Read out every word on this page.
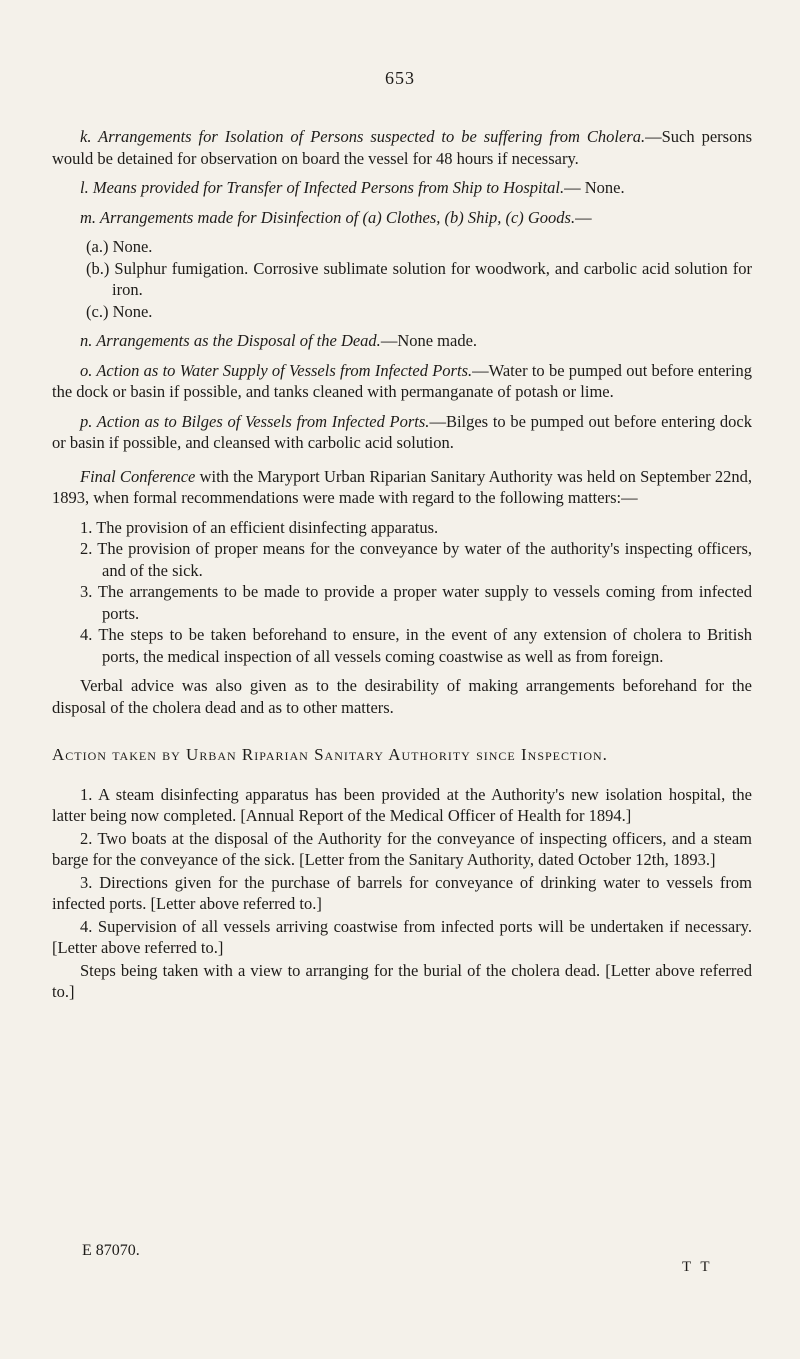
653

k. Arrangements for Isolation of Persons suspected to be suffering from Cholera.—Such persons would be detained for observation on board the vessel for 48 hours if necessary.

l. Means provided for Transfer of Infected Persons from Ship to Hospital.— None.

m. Arrangements made for Disinfection of (a) Clothes, (b) Ship, (c) Goods.—

(a.) None.

(b.) Sulphur fumigation. Corrosive sublimate solution for woodwork, and carbolic acid solution for iron.

(c.) None.

n. Arrangements as the Disposal of the Dead.—None made.

o. Action as to Water Supply of Vessels from Infected Ports.—Water to be pumped out before entering the dock or basin if possible, and tanks cleaned with permanganate of potash or lime.

p. Action as to Bilges of Vessels from Infected Ports.—Bilges to be pumped out before entering dock or basin if possible, and cleansed with carbolic acid solution.

Final Conference with the Maryport Urban Riparian Sanitary Authority was held on September 22nd, 1893, when formal recommendations were made with regard to the following matters:—

1. The provision of an efficient disinfecting apparatus.

2. The provision of proper means for the conveyance by water of the authority's inspecting officers, and of the sick.

3. The arrangements to be made to provide a proper water supply to vessels coming from infected ports.

4. The steps to be taken beforehand to ensure, in the event of any extension of cholera to British ports, the medical inspection of all vessels coming coastwise as well as from foreign.

Verbal advice was also given as to the desirability of making arrangements beforehand for the disposal of the cholera dead and as to other matters.

Action taken by Urban Riparian Sanitary Authority since Inspection.

1. A steam disinfecting apparatus has been provided at the Authority's new isolation hospital, the latter being now completed. [Annual Report of the Medical Officer of Health for 1894.]

2. Two boats at the disposal of the Authority for the conveyance of inspecting officers, and a steam barge for the conveyance of the sick. [Letter from the Sanitary Authority, dated October 12th, 1893.]

3. Directions given for the purchase of barrels for conveyance of drinking water to vessels from infected ports. [Letter above referred to.]

4. Supervision of all vessels arriving coastwise from infected ports will be undertaken if necessary. [Letter above referred to.]

Steps being taken with a view to arranging for the burial of the cholera dead. [Letter above referred to.]

E 87070.
T T
